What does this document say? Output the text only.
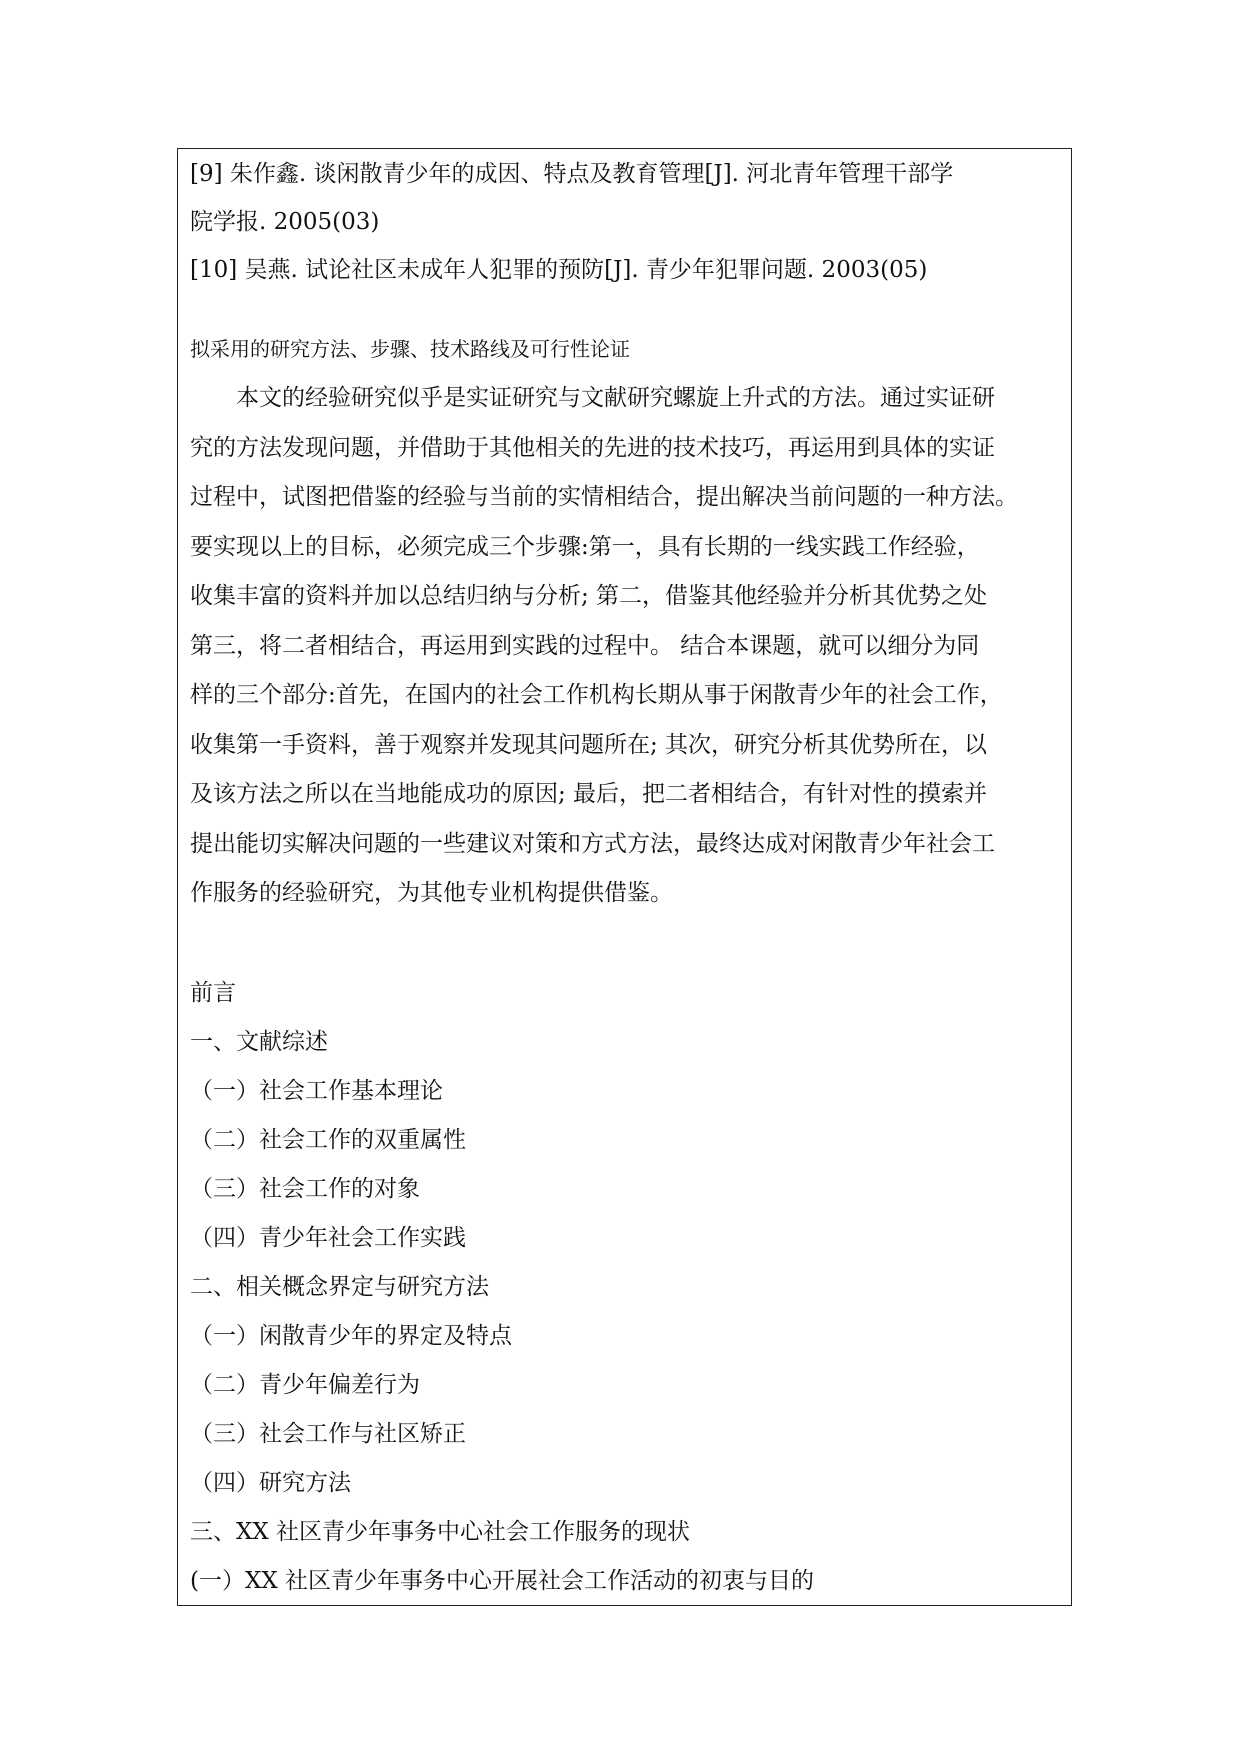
[9] 朱作鑫. 谈闲散青少年的成因、特点及教育管理[J]. 河北青年管理干部学
院学报. 2005(03)
[10] 吴燕. 试论社区未成年人犯罪的预防[J]. 青少年犯罪问题. 2003(05)
拟采用的研究方法、步骤、技术路线及可行性论证
本文的经验研究似乎是实证研究与文献研究螺旋上升式的方法。通过实证研
究的方法发现问题，并借助于其他相关的先进的技术技巧，再运用到具体的实证
过程中，试图把借鉴的经验与当前的实情相结合，提出解决当前问题的一种方法。
要实现以上的目标，必须完成三个步骤:第一，具有长期的一线实践工作经验，
收集丰富的资料并加以总结归纳与分析; 第二，借鉴其他经验并分析其优势之处
第三，将二者相结合，再运用到实践的过程中。 结合本课题，就可以细分为同
样的三个部分:首先，在国内的社会工作机构长期从事于闲散青少年的社会工作，
收集第一手资料，善于观察并发现其问题所在; 其次，研究分析其优势所在，以
及该方法之所以在当地能成功的原因; 最后，把二者相结合，有针对性的摸索并
提出能切实解决问题的一些建议对策和方式方法，最终达成对闲散青少年社会工
作服务的经验研究，为其他专业机构提供借鉴。
前言
一、文献综述
（一）社会工作基本理论
（二）社会工作的双重属性
（三）社会工作的对象
（四）青少年社会工作实践
二、相关概念界定与研究方法
（一）闲散青少年的界定及特点
（二）青少年偏差行为
（三）社会工作与社区矫正
（四）研究方法
三、XX 社区青少年事务中心社会工作服务的现状
(一）XX 社区青少年事务中心开展社会工作活动的初衷与目的
